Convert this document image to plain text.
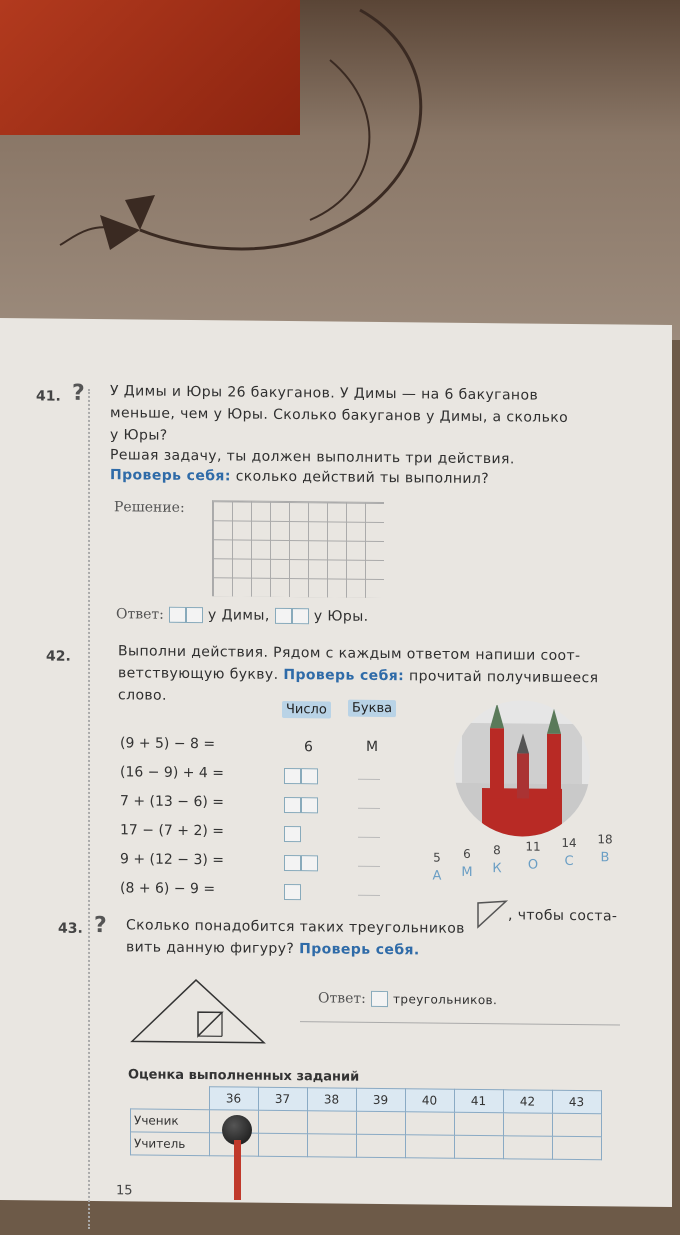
41. ? У Димы и Юры 26 бакуганов. У Димы — на 6 бакуганов
меньше, чем у Юры. Сколько бакуганов у Димы, а сколько
у Юры?
Решая задачу, ты должен выполнить три действия.
Проверь себя: сколько действий ты выполнил?
Решение:
Ответ:	у Димы,	у Юры.
42.	Выполни действия. Рядом с каждым ответом напиши соот-
ветствующую букву. Проверь себя: прочитай получившееся
слово.
Число	Буква
(9 + 5) − 8 =	6	М
(16 − 9) + 4 =
7 + (13 − 6) =
17 − (7 + 2) =
9 + (12 − 3) =
(8 + 6) − 9 =
5
А
6
М
8
К
11
О
14
С
18
В
43. ? Сколько понадобится таких треугольников
, чтобы соста-
вить данную фигуру? Проверь себя.
Ответ: треугольников.
Оценка выполненных заданий
	36	37	38	39	40	41	42	43
Ученик								
Учитель								
15
